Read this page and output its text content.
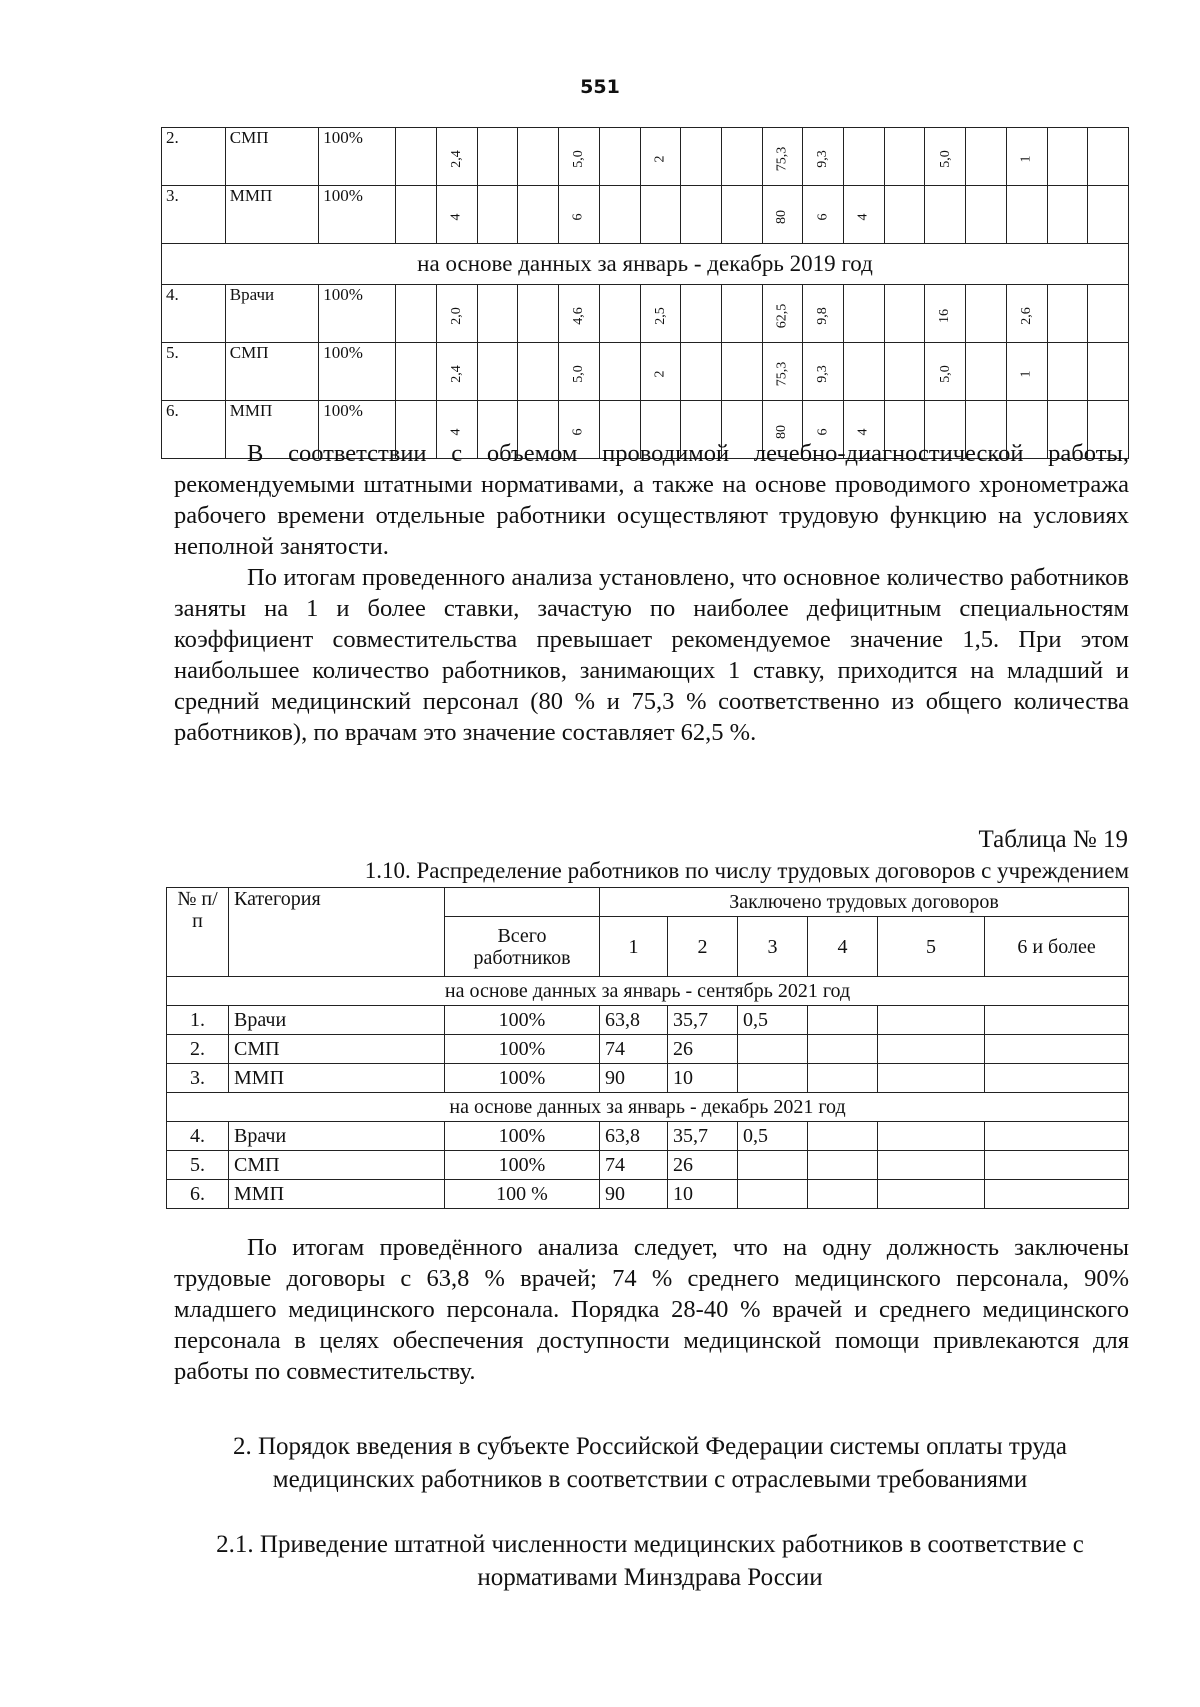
551
2.	СМП	100%		2,4			5,0		2			75,3	9,3			5,0		1		
3.	ММП	100%		4			6					80	6	4						
на основе данных за январь - декабрь 2019 год																				
4.	Врачи	100%		2,0			4,6		2,5			62,5	9,8			16		2,6		
5.	СМП	100%		2,4			5,0		2			75,3	9,3			5,0		1		
6.	ММП	100%		4			6					80	6	4						

В соответствии с объемом проводимой лечебно-диагностической работы, рекомендуемыми штатными нормативами, а также на основе проводимого хронометража рабочего времени отдельные работники осуществляют трудовую функцию на условиях неполной занятости.

По итогам проведенного анализа установлено, что основное количество работников заняты на 1 и более ставки, зачастую по наиболее дефицитным специальностям коэффициент совместительства превышает рекомендуемое значение 1,5. При этом наибольшее количество работников, занимающих 1 ставку, приходится на младший и средний медицинский персонал (80 % и 75,3 % соответственно из общего количества работников), по врачам это значение составляет 62,5 %.

Таблица № 19
1.10. Распределение работников по числу трудовых договоров с учреждением
№ п/п	Категория		Заключено трудовых договоров					
		Всего работников	1	2	3	4	5	6 и более
на основе данных за январь - сентябрь 2021 год								
1.	Врачи	100%	63,8	35,7	0,5			
2.	СМП	100%	74	26				
3.	ММП	100%	90	10				
на основе данных за январь - декабрь 2021 год								
4.	Врачи	100%	63,8	35,7	0,5			
5.	СМП	100%	74	26				
6.	ММП	100 %	90	10				

По итогам проведённого анализа следует, что на одну должность заключены трудовые договоры с 63,8 % врачей; 74 % среднего медицинского персонала, 90% младшего медицинского персонала. Порядка 28-40 % врачей и среднего медицинского персонала в целях обеспечения доступности медицинской помощи привлекаются для работы по совместительству.

2. Порядок введения в субъекте Российской Федерации системы оплаты труда медицинских работников в соответствии с отраслевыми требованиями
2.1. Приведение штатной численности медицинских работников в соответствие с нормативами Минздрава России
